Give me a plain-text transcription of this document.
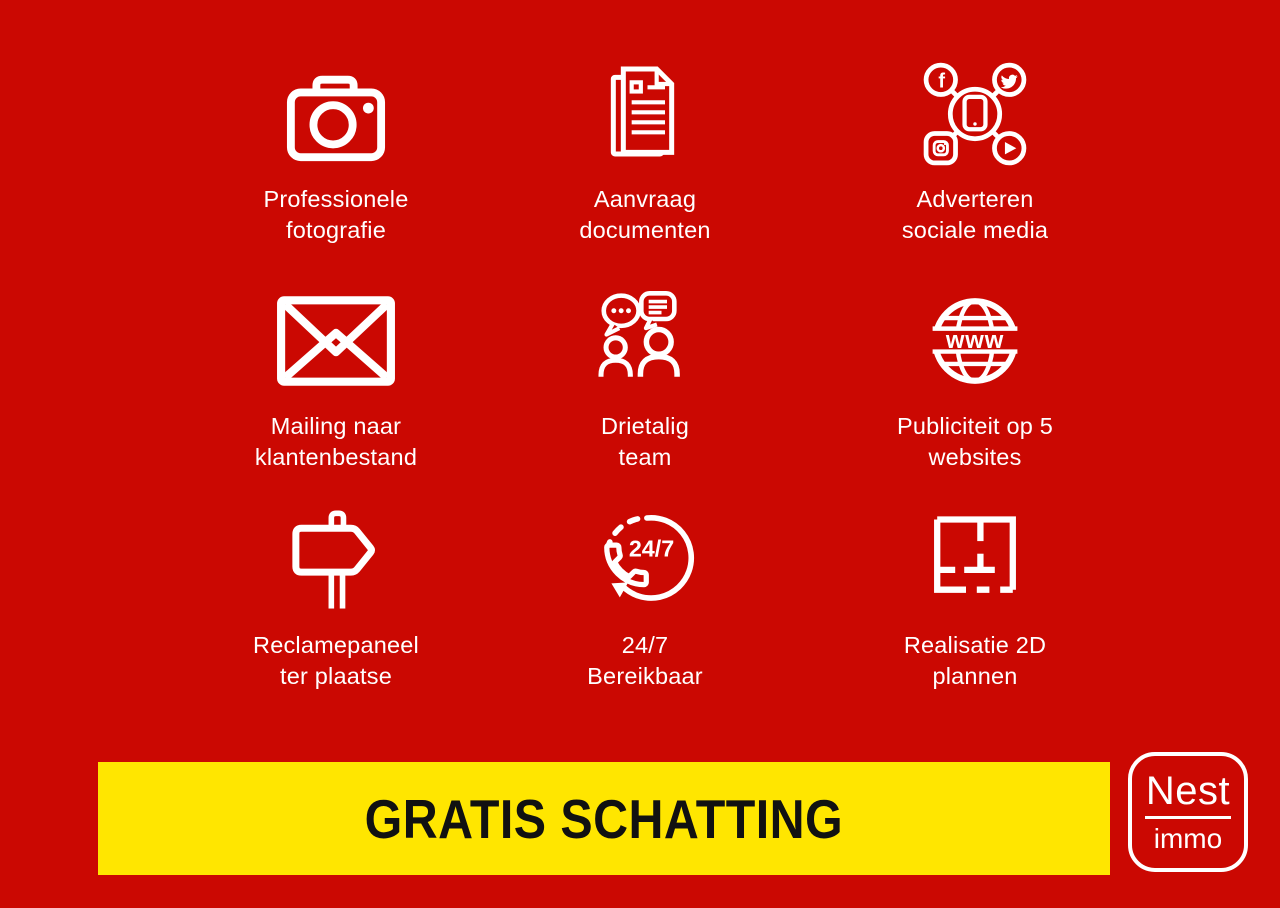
Professionele
fotografie
Aanvraag
documenten
f
Adverteren
sociale media
Mailing naar
klantenbestand
Drietalig
team
www
Publiciteit op 5
websites
Reclamepaneel
ter plaatse
24/7
24/7
Bereikbaar
Realisatie 2D
plannen
GRATIS SCHATTING	Nest
immo
